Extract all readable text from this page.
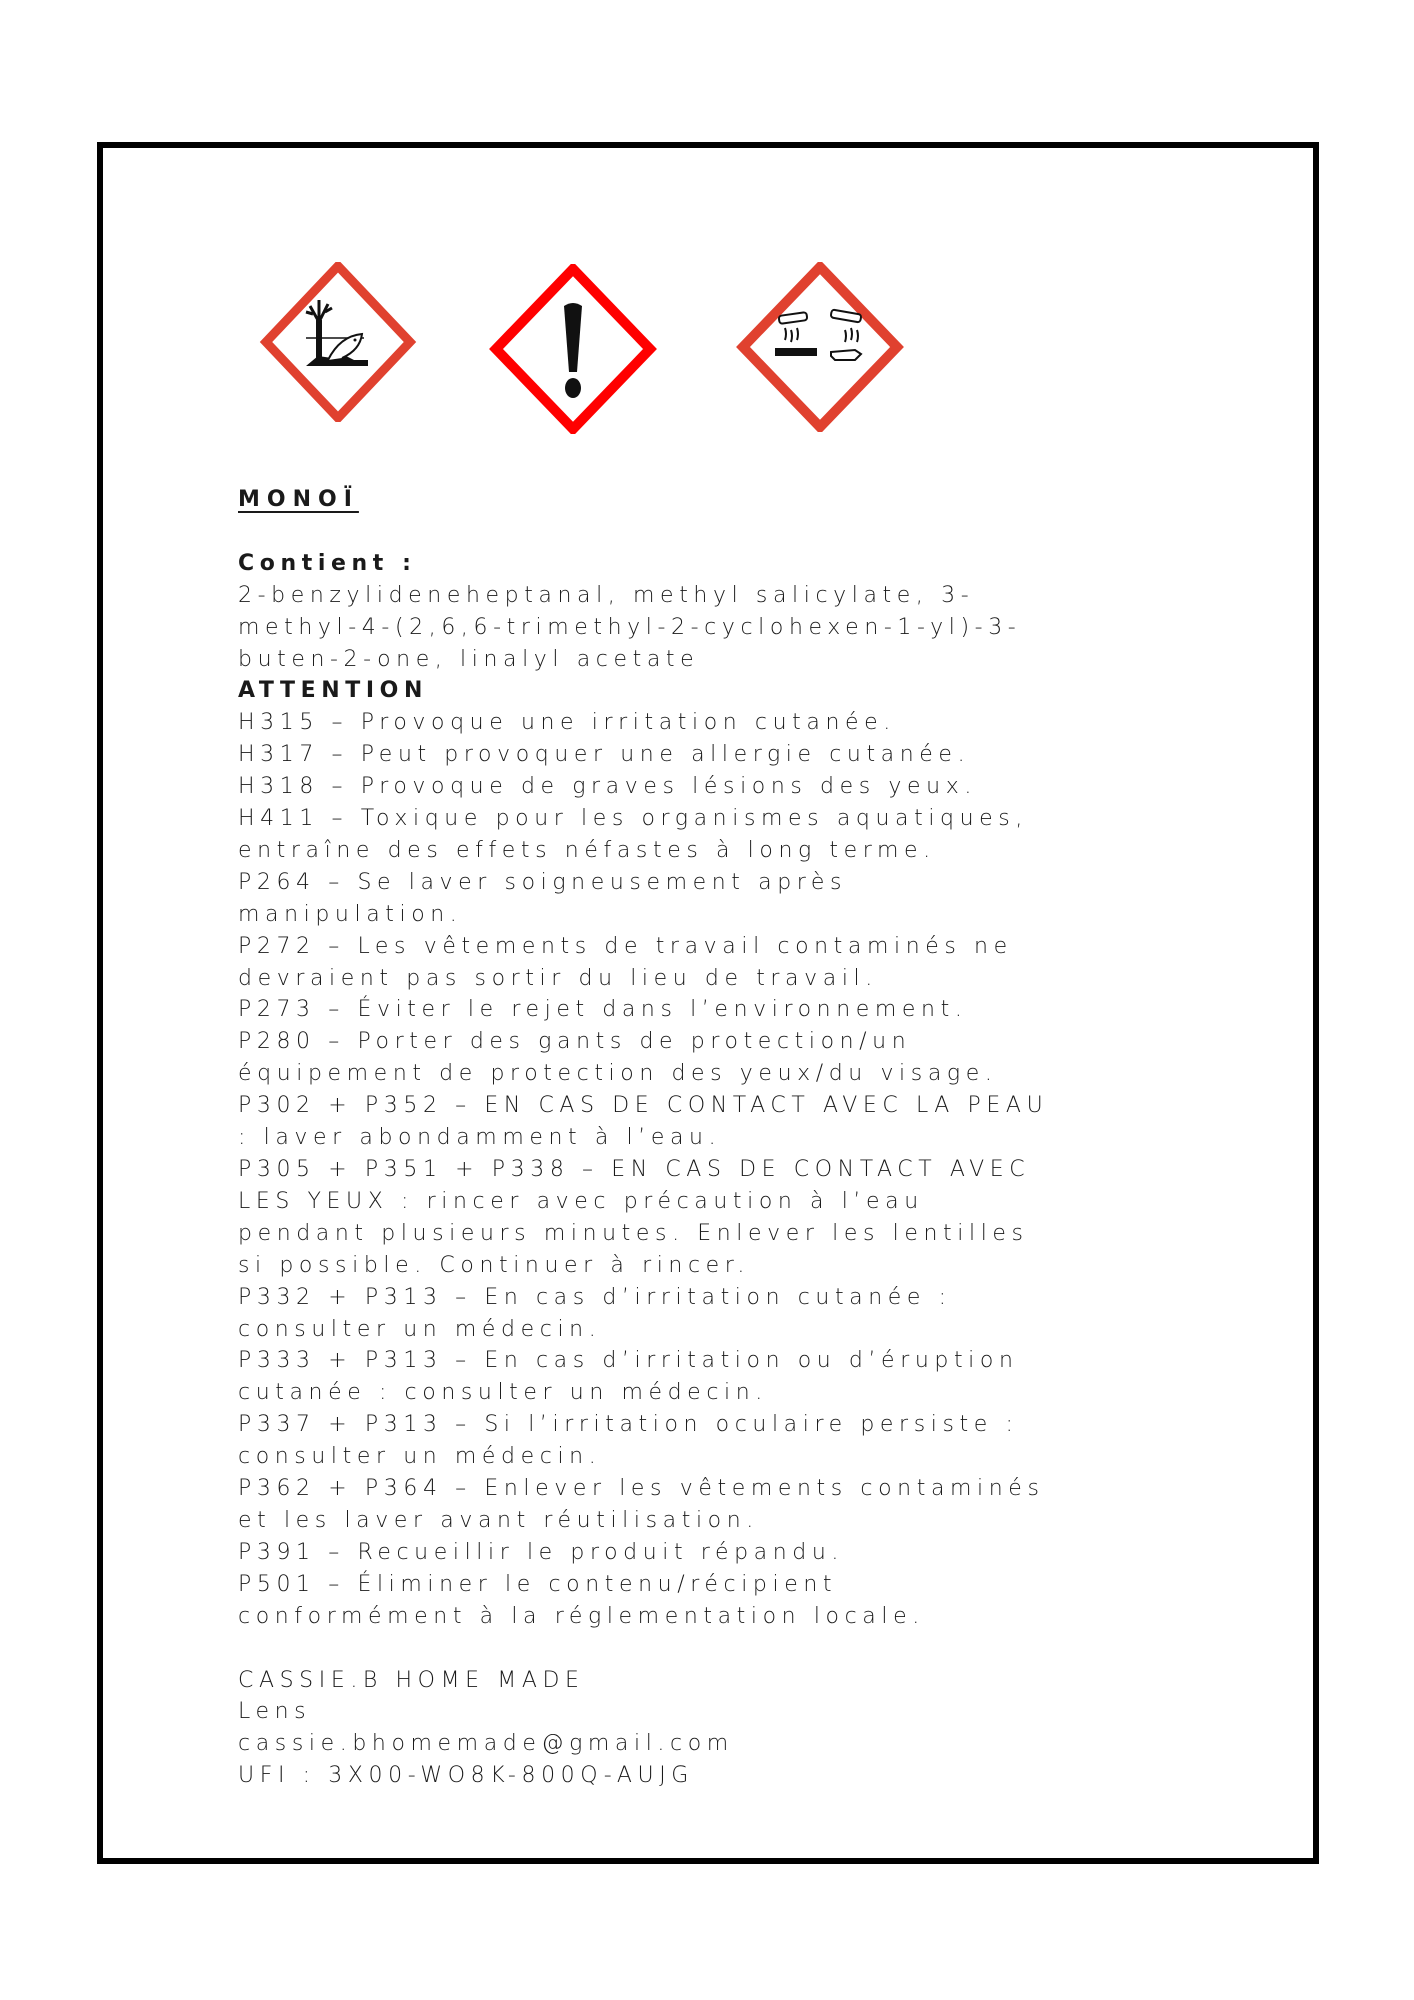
MONOÏ
Contient :
2-benzylideneheptanal, methyl salicylate, 3-
methyl-4-(2,6,6-trimethyl-2-cyclohexen-1-yl)-3-
buten-2-one, linalyl acetate
ATTENTION
H315 – Provoque une irritation cutanée.
H317 – Peut provoquer une allergie cutanée.
H318 – Provoque de graves lésions des yeux.
H411 – Toxique pour les organismes aquatiques,
entraîne des effets néfastes à long terme.
P264 – Se laver soigneusement après
manipulation.
P272 – Les vêtements de travail contaminés ne
devraient pas sortir du lieu de travail.
P273 – Éviter le rejet dans l’environnement.
P280 – Porter des gants de protection/un
équipement de protection des yeux/du visage.
P302 + P352 – EN CAS DE CONTACT AVEC LA PEAU
: laver abondamment à l’eau.
P305 + P351 + P338 – EN CAS DE CONTACT AVEC
LES YEUX : rincer avec précaution à l’eau
pendant plusieurs minutes. Enlever les lentilles
si possible. Continuer à rincer.
P332 + P313 – En cas d’irritation cutanée :
consulter un médecin.
P333 + P313 – En cas d’irritation ou d’éruption
cutanée : consulter un médecin.
P337 + P313 – Si l’irritation oculaire persiste :
consulter un médecin.
P362 + P364 – Enlever les vêtements contaminés
et les laver avant réutilisation.
P391 – Recueillir le produit répandu.
P501 – Éliminer le contenu/récipient
conformément à la réglementation locale.
CASSIE.B HOME MADE
Lens
cassie.bhomemade@gmail.com
UFI : 3X00-WO8K-800Q-AUJG
